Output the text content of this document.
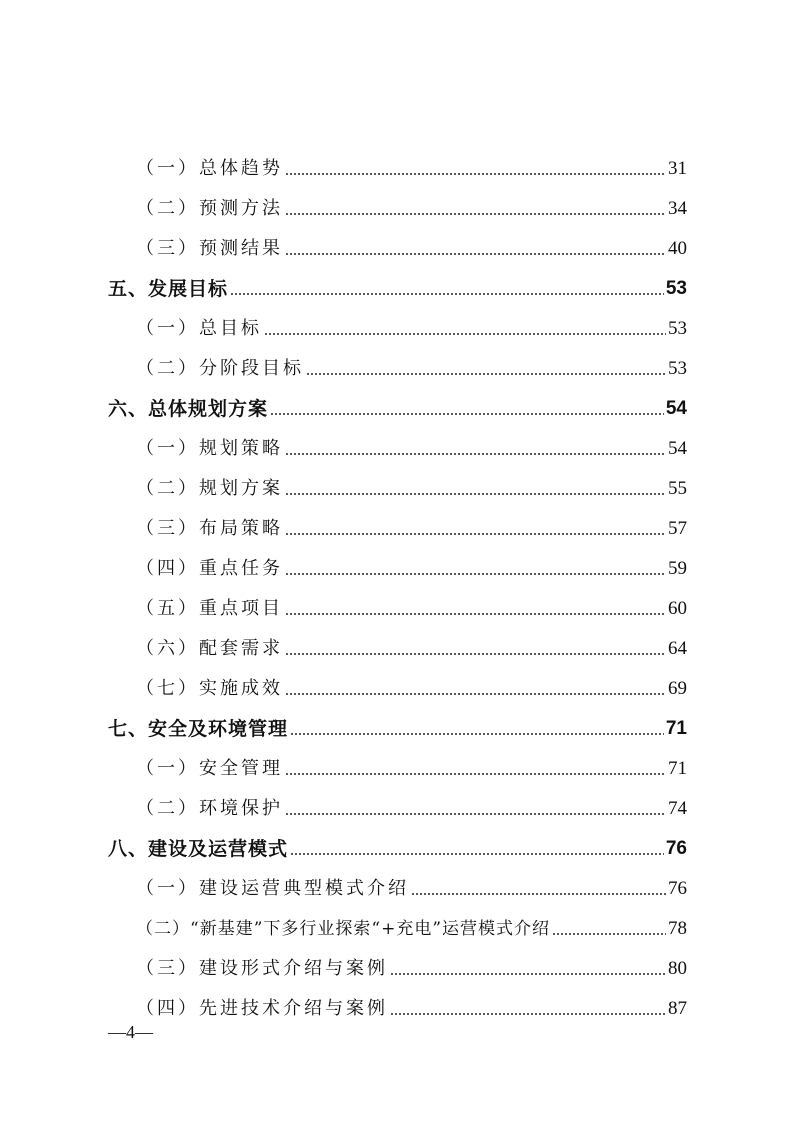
（一）总体趋势	31
（二）预测方法	34
（三）预测结果	40
五、发展目标	53
（一）总目标	53
（二）分阶段目标	53
六、总体规划方案	54
（一）规划策略	54
（二）规划方案	55
（三）布局策略	57
（四）重点任务	59
（五）重点项目	60
（六）配套需求	64
（七）实施成效	69
七、安全及环境管理	71
（一）安全管理	71
（二）环境保护	74
八、建设及运营模式	76
（一）建设运营典型模式介绍	76
（二）“新基建”下多行业探索“+充电”运营模式介绍	78
（三）建设形式介绍与案例	80
（四）先进技术介绍与案例	87
—4—
